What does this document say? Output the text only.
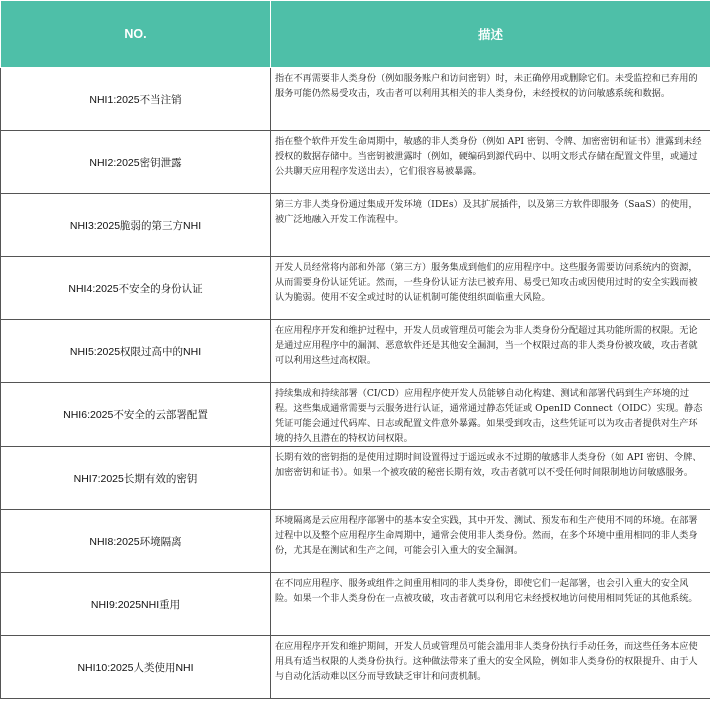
NO.	描述
NHI1:2025不当注销	指在不再需要非人类身份（例如服务账户和访问密钥）时，未正确停用或删除它们。未受监控和已弃用的服务可能仍然易受攻击，攻击者可以利用其相关的非人类身份，未经授权的访问敏感系统和数据。
NHI2:2025密钥泄露	指在整个软件开发生命周期中，敏感的非人类身份（例如 API 密钥、令牌、加密密钥和证书）泄露到未经授权的数据存储中。当密钥被泄露时（例如，硬编码到源代码中、以明文形式存储在配置文件里，或通过公共聊天应用程序发送出去），它们很容易被暴露。
NHI3:2025脆弱的第三方NHI	第三方非人类身份通过集成开发环境（IDEs）及其扩展插件，以及第三方软件即服务（SaaS）的使用，被广泛地融入开发工作流程中。
NHI4:2025不安全的身份认证	开发人员经常将内部和外部（第三方）服务集成到他们的应用程序中。这些服务需要访问系统内的资源，从而需要身份认证凭证。然而，一些身份认证方法已被弃用、易受已知攻击或因使用过时的安全实践而被认为脆弱。使用不安全或过时的认证机制可能使组织面临重大风险。
NHI5:2025权限过高中的NHI	在应用程序开发和维护过程中，开发人员或管理员可能会为非人类身份分配超过其功能所需的权限。无论是通过应用程序中的漏洞、恶意软件还是其他安全漏洞，当一个权限过高的非人类身份被攻破，攻击者就可以利用这些过高权限。
NHI6:2025不安全的云部署配置	持续集成和持续部署（CI/CD）应用程序使开发人员能够自动化构建、测试和部署代码到生产环境的过程。这些集成通常需要与云服务进行认证，通常通过静态凭证或 OpenID Connect（OIDC）实现。静态凭证可能会通过代码库、日志或配置文件意外暴露。如果受到攻击，这些凭证可以为攻击者提供对生产环境的持久且潜在的特权访问权限。
NHI7:2025长期有效的密钥	长期有效的密钥指的是使用过期时间设置得过于遥远或永不过期的敏感非人类身份（如 API 密钥、令牌、加密密钥和证书）。如果一个被攻破的秘密长期有效，攻击者就可以不受任何时间限制地访问敏感服务。
NHI8:2025环境隔离	环境隔离是云应用程序部署中的基本安全实践，其中开发、测试、预发布和生产使用不同的环境。在部署过程中以及整个应用程序生命周期中，通常会使用非人类身份。然而，在多个环境中重用相同的非人类身份，尤其是在测试和生产之间，可能会引入重大的安全漏洞。
NHI9:2025NHI重用	在不同应用程序、服务或组件之间重用相同的非人类身份，即使它们一起部署，也会引入重大的安全风险。如果一个非人类身份在一点被攻破，攻击者就可以利用它未经授权地访问使用相同凭证的其他系统。
NHI10:2025人类使用NHI	在应用程序开发和维护期间，开发人员或管理员可能会滥用非人类身份执行手动任务，而这些任务本应使用具有适当权限的人类身份执行。这种做法带来了重大的安全风险，例如非人类身份的权限提升、由于人与自动化活动难以区分而导致缺乏审计和问责机制。
